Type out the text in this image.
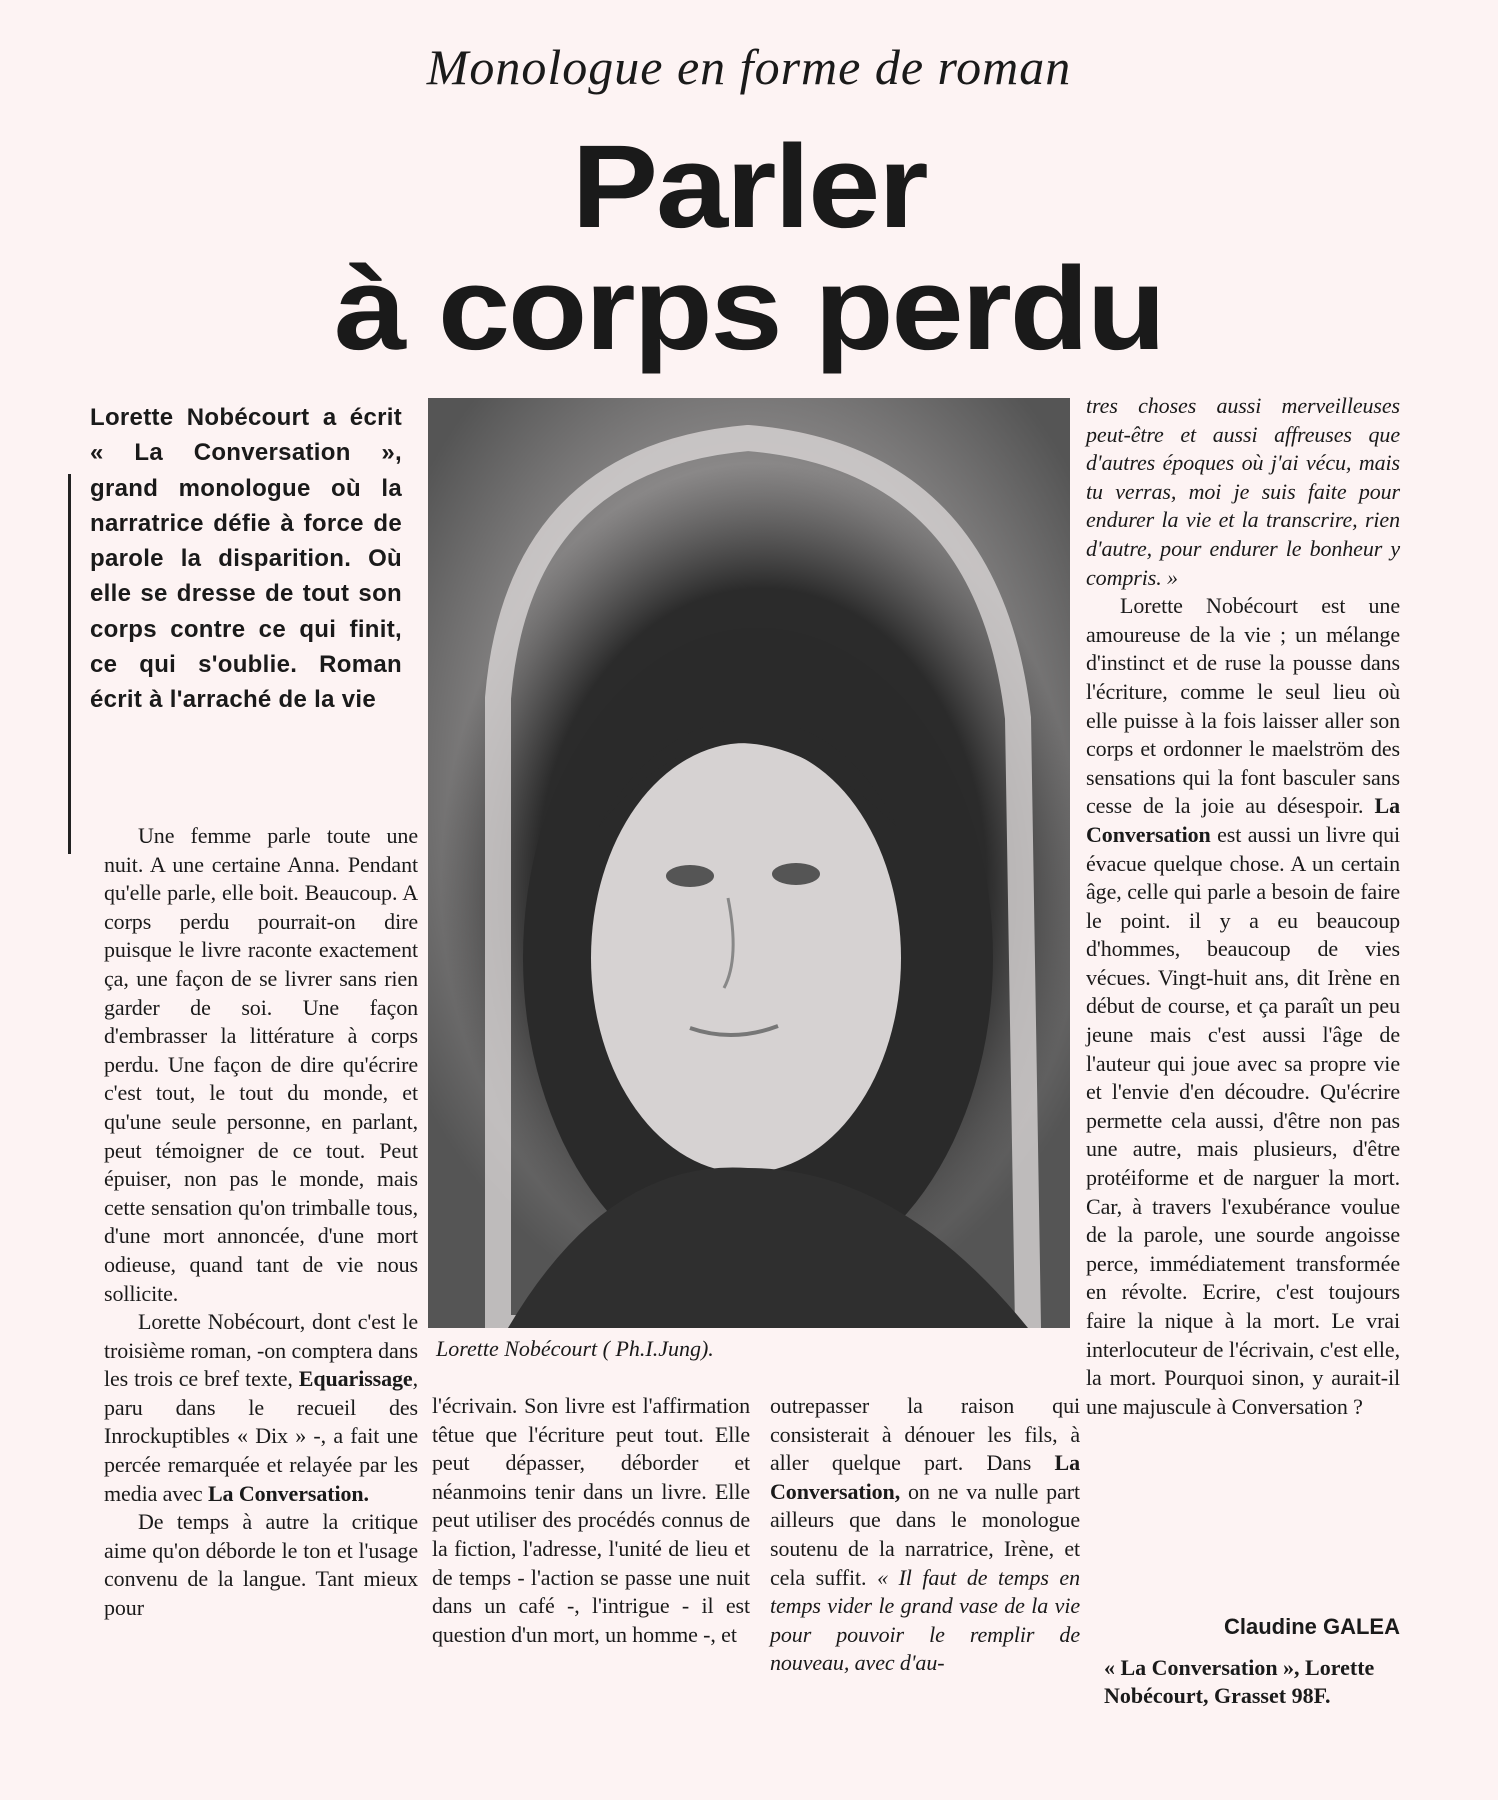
Monologue en forme de roman
Parler
à corps perdu
Lorette Nobécourt a écrit « La Conversation », grand monologue où la narratrice défie à force de parole la disparition. Où elle se dresse de tout son corps contre ce qui finit, ce qui s'oublie. Roman écrit à l'arraché de la vie

Une femme parle toute une nuit. A une certaine Anna. Pendant qu'elle parle, elle boit. Beaucoup. A corps perdu pourrait-on dire puisque le livre raconte exactement ça, une façon de se livrer sans rien garder de soi. Une façon d'embrasser la littérature à corps perdu. Une façon de dire qu'écrire c'est tout, le tout du monde, et qu'une seule personne, en parlant, peut témoigner de ce tout. Peut épuiser, non pas le monde, mais cette sensation qu'on trimballe tous, d'une mort annoncée, d'une mort odieuse, quand tant de vie nous sollicite.

Lorette Nobécourt, dont c'est le troisième roman, -on comptera dans les trois ce bref texte, Equarissage, paru dans le recueil des Inrockuptibles « Dix » -, a fait une percée remarquée et relayée par les media avec La Conversation.

De temps à autre la critique aime qu'on déborde le ton et l'usage convenu de la langue. Tant mieux pour

Lorette Nobécourt ( Ph.I.Jung).

l'écrivain. Son livre est l'affirmation têtue que l'écriture peut tout. Elle peut dépasser, déborder et néanmoins tenir dans un livre. Elle peut utiliser des procédés connus de la fiction, l'adresse, l'unité de lieu et de temps - l'action se passe une nuit dans un café -, l'intrigue - il est question d'un mort, un homme -, et

outrepasser la raison qui consisterait à dénouer les fils, à aller quelque part. Dans La Conversation, on ne va nulle part ailleurs que dans le monologue soutenu de la narratrice, Irène, et cela suffit. « Il faut de temps en temps vider le grand vase de la vie pour pouvoir le remplir de nouveau, avec d'au-

tres choses aussi merveilleuses peut-être et aussi affreuses que d'autres époques où j'ai vécu, mais tu verras, moi je suis faite pour endurer la vie et la transcrire, rien d'autre, pour endurer le bonheur y compris. »

Lorette Nobécourt est une amoureuse de la vie ; un mélange d'instinct et de ruse la pousse dans l'écriture, comme le seul lieu où elle puisse à la fois laisser aller son corps et ordonner le maelström des sensations qui la font basculer sans cesse de la joie au désespoir. La Conversation est aussi un livre qui évacue quelque chose. A un certain âge, celle qui parle a besoin de faire le point. il y a eu beaucoup d'hommes, beaucoup de vies vécues. Vingt-huit ans, dit Irène en début de course, et ça paraît un peu jeune mais c'est aussi l'âge de l'auteur qui joue avec sa propre vie et l'envie d'en découdre. Qu'écrire permette cela aussi, d'être non pas une autre, mais plusieurs, d'être protéiforme et de narguer la mort. Car, à travers l'exubérance voulue de la parole, une sourde angoisse perce, immédiatement transformée en révolte. Ecrire, c'est toujours faire la nique à la mort. Le vrai interlocuteur de l'écrivain, c'est elle, la mort. Pourquoi sinon, y aurait-il une majuscule à Conversation ?

Claudine GALEA
« La Conversation », Lorette Nobécourt, Grasset 98F.
